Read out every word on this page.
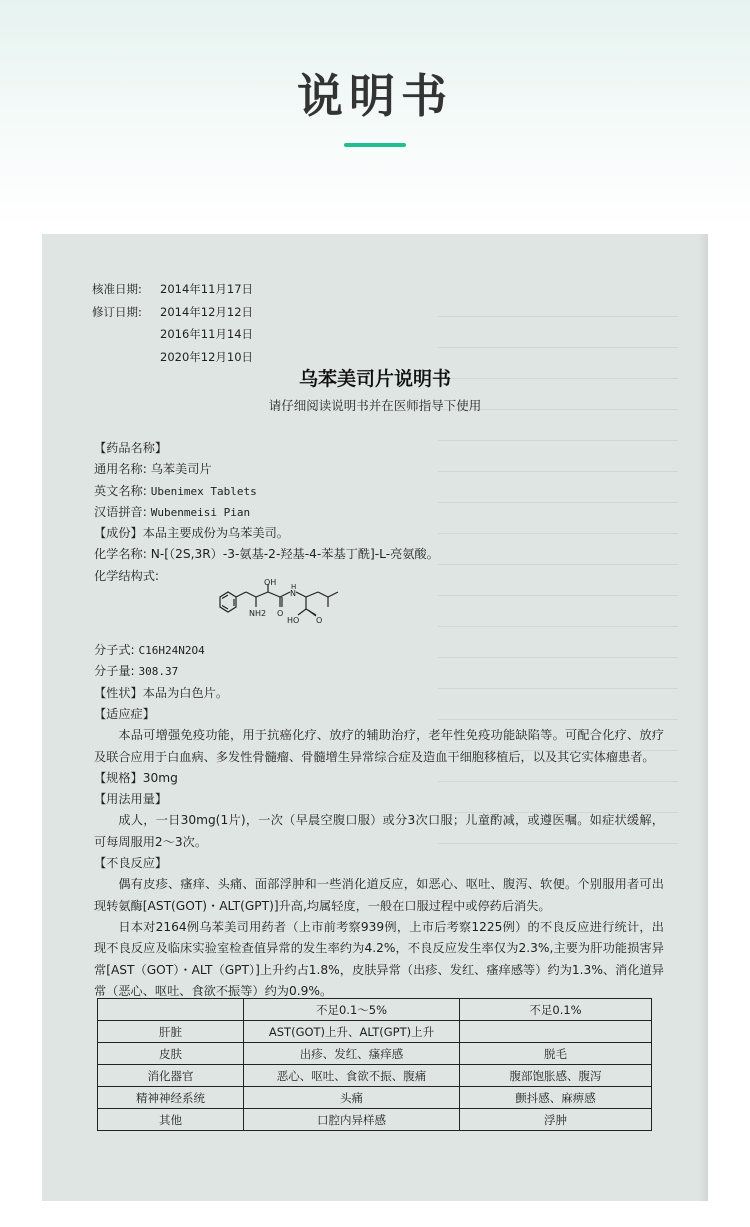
说明书
核准日期:	2014年11月17日
修订日期:	2014年12月12日
2016年11月14日
2020年12月10日
乌苯美司片说明书
请仔细阅读说明书并在医师指导下使用
【药品名称】
通用名称: 乌苯美司片
英文名称: Ubenimex Tablets
汉语拼音: Wubenmeisi Pian
【成份】本品主要成份为乌苯美司。
化学名称: N-[（2S,3R）-3-氨基-2-羟基-4-苯基丁酰]-L-亮氨酸。
化学结构式:
分子式: C16H24N2O4
分子量: 308.37
【性状】本品为白色片。
【适应症】
本品可增强免疫功能，用于抗癌化疗、放疗的辅助治疗，老年性免疫功能缺陷等。可配合化疗、放疗及联合应用于白血病、多发性骨髓瘤、骨髓增生异常综合症及造血干细胞移植后，以及其它实体瘤患者。
【规格】30mg
【用法用量】
成人，一日30mg(1片)，一次（早晨空腹口服）或分3次口服；儿童酌减，或遵医嘱。如症状缓解，可每周服用2～3次。
【不良反应】
偶有皮疹、瘙痒、头痛、面部浮肿和一些消化道反应，如恶心、呕吐、腹泻、软便。个别服用者可出现转氨酶[AST(GOT)・ALT(GPT)]升高,均属轻度，一般在口服过程中或停药后消失。
日本对2164例乌苯美司用药者（上市前考察939例，上市后考察1225例）的不良反应进行统计，出现不良反应及临床实验室检查值异常的发生率约为4.2%，不良反应发生率仅为2.3%,主要为肝功能损害异常[AST（GOT）・ALT（GPT）]上升约占1.8%，皮肤异常（出疹、发红、瘙痒感等）约为1.3%、消化道异常（恶心、呕吐、食欲不振等）约为0.9%。
OH H
N
NH2 O
HO O
	不足0.1～5%	不足0.1%
肝脏	AST(GOT)上升、ALT(GPT)上升	
皮肤	出疹、发红、瘙痒感	脱毛
消化器官	恶心、呕吐、食欲不振、腹痛	腹部饱胀感、腹泻
精神神经系统	头痛	颤抖感、麻痹感
其他	口腔内异样感	浮肿
